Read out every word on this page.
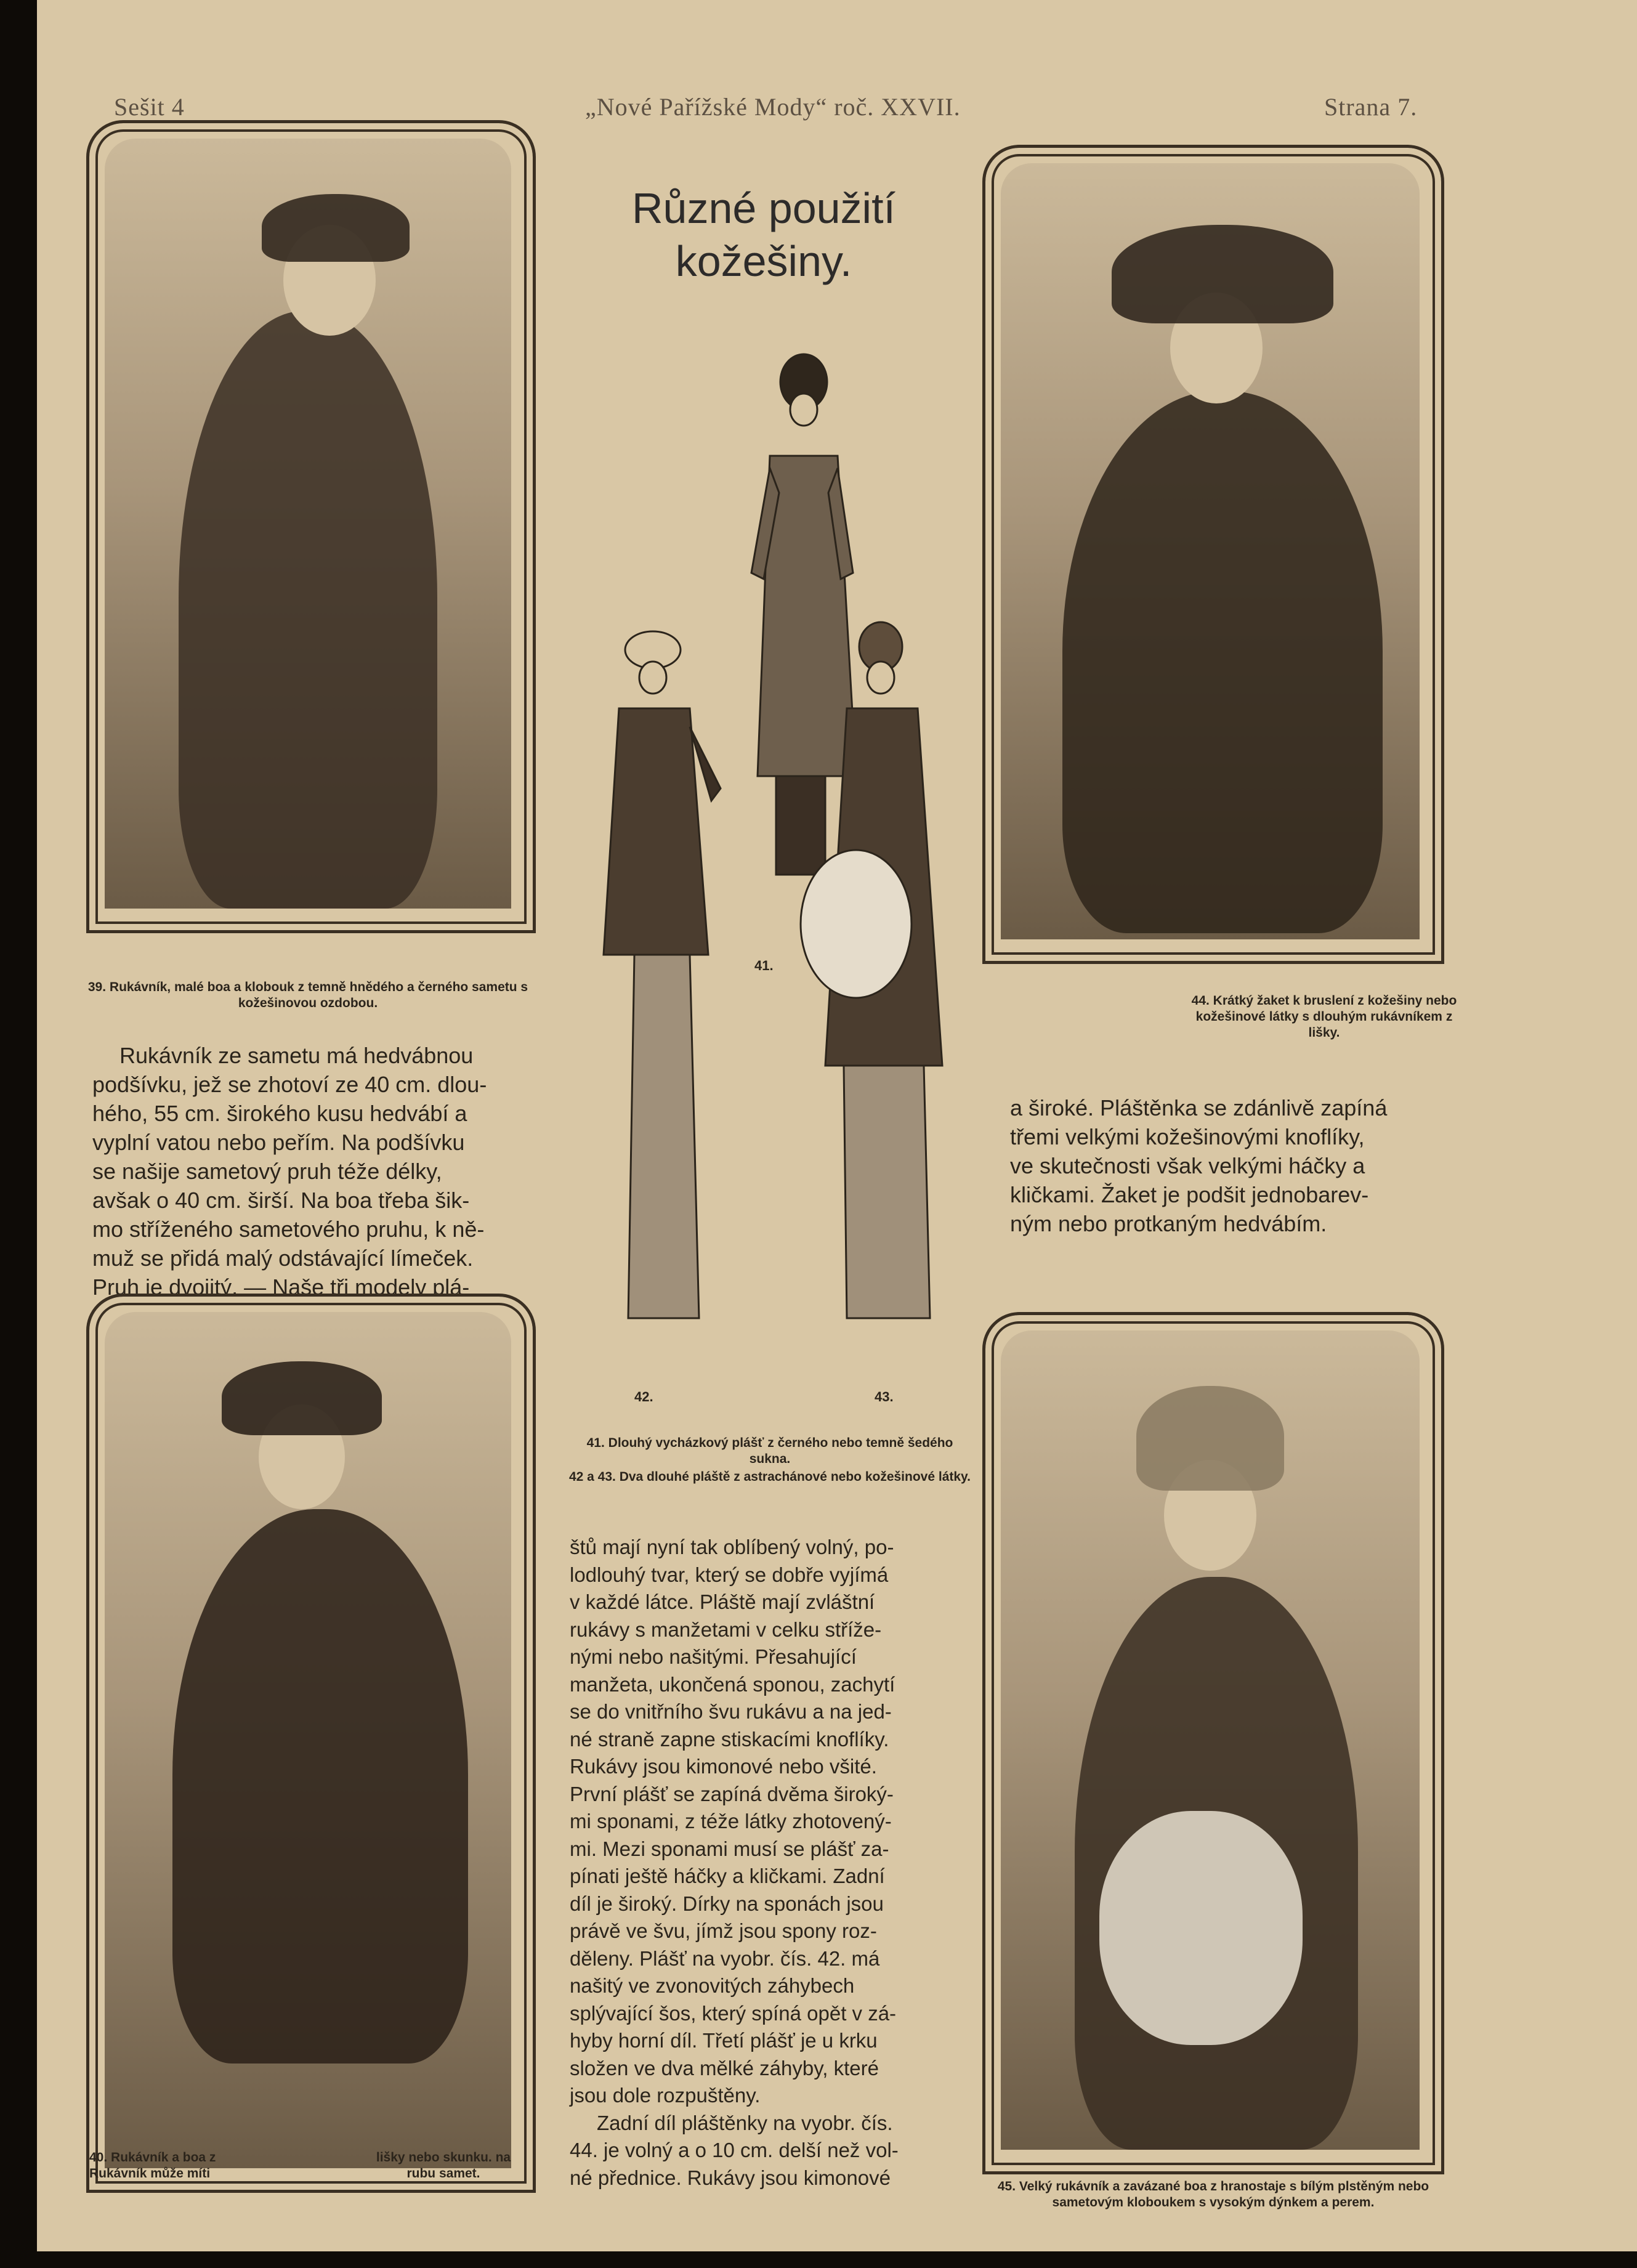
Sešit 4	„Nové Pařížské Mody“ roč. XXVII.	Strana 7.
Různé použití
kožešiny.
39. Rukávník, malé boa a klobouk z temně hnědého a černého sametu s kožešinovou ozdobou.
Rukávník ze sametu má hedvábnou
podšívku, jež se zhotoví ze 40 cm. dlou-
hého, 55 cm. širokého kusu hedvábí a
vyplní vatou nebo peřím. Na podšívku
se našije sametový pruh téže délky,
avšak o 40 cm. širší. Na boa třeba šik-
mo stříženého sametového pruhu, k ně-
muž se přidá malý odstávající límeček.
Pruh je dvojitý. — Naše tři modely plá-
40. Rukávník a boa z Rukávník může míti
lišky nebo skunku. na rubu samet.
41.
42.	43.
41. Dlouhý vycházkový plášť z černého nebo temně šedého sukna.
42 a 43. Dva dlouhé pláště z astrachánové nebo kožešinové látky.
štů mají nyní tak oblíbený volný, po-
lodlouhý tvar, který se dobře vyjímá
v každé látce. Pláště mají zvláštní
rukávy s manžetami v celku stříže-
nými nebo našitými. Přesahující
manžeta, ukončená sponou, zachytí
se do vnitřního švu rukávu a na jed-
né straně zapne stiskacími knoflíky.
Rukávy jsou kimonové nebo všité.
První plášť se zapíná dvěma široký-
mi sponami, z téže látky zhotovený-
mi. Mezi sponami musí se plášť za-
pínati ještě háčky a kličkami. Zadní
díl je široký. Dírky na sponách jsou
právě ve švu, jímž jsou spony roz-
děleny. Plášť na vyobr. čís. 42. má
našitý ve zvonovitých záhybech
splývající šos, který spíná opět v zá-
hyby horní díl. Třetí plášť je u krku
složen ve dva mělké záhyby, které
jsou dole rozpuštěny.
Zadní díl pláštěnky na vyobr. čís.
44. je volný a o 10 cm. delší než vol-
né přednice. Rukávy jsou kimonové
44. Krátký žaket k bruslení z kožešiny nebo kožešinové látky s dlouhým rukávníkem z lišky.
a široké. Pláštěnka se zdánlivě zapíná
třemi velkými kožešinovými knoflíky,
ve skutečnosti však velkými háčky a
kličkami. Žaket je podšit jednobarev-
ným nebo protkaným hedvábím.
45. Velký rukávník a zavázané boa z hranostaje s bílým plstěným nebo sametovým kloboukem s vysokým dýnkem a perem.
